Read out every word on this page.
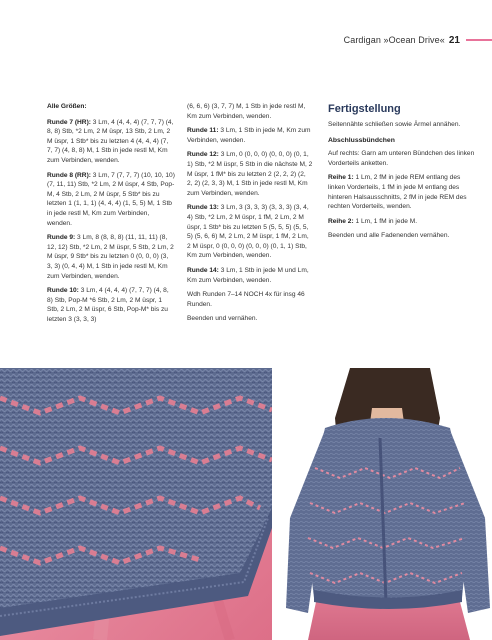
Cardigan »Ocean Drive« 21

Alle Größen:

Runde 7 (HR): 3 Lm, 4 (4, 4, 4) (7, 7, 7) (4, 8, 8) Stb, *2 Lm, 2 M üspr, 13 Stb, 2 Lm, 2 M üspr, 1 Stb* bis zu letzten 4 (4, 4, 4) (7, 7, 7) (4, 8, 8) M, 1 Stb in jede restl M, Km zum Verbinden, wenden.

Runde 8 (RR): 3 Lm, 7 (7, 7, 7) (10, 10, 10) (7, 11, 11) Stb, *2 Lm, 2 M üspr, 4 Stb, Pop-M, 4 Stb, 2 Lm, 2 M üspr, 5 Stb* bis zu letzten 1 (1, 1, 1) (4, 4, 4) (1, 5, 5) M, 1 Stb in jede restl M, Km zum Verbinden, wenden.

Runde 9: 3 Lm, 8 (8, 8, 8) (11, 11, 11) (8, 12, 12) Stb, *2 Lm, 2 M üspr, 5 Stb, 2 Lm, 2 M üspr, 9 Stb* bis zu letzten 0 (0, 0, 0) (3, 3, 3) (0, 4, 4) M, 1 Stb in jede restl M, Km zum Verbinden, wenden.

Runde 10: 3 Lm, 4 (4, 4, 4) (7, 7, 7) (4, 8, 8) Stb, Pop-M *6 Stb, 2 Lm, 2 M üspr, 1 Stb, 2 Lm, 2 M üspr, 6 Stb, Pop-M* bis zu letzten 3 (3, 3, 3)

(6, 6, 6) (3, 7, 7) M, 1 Stb in jede restl M, Km zum Verbinden, wenden.

Runde 11: 3 Lm, 1 Stb in jede M, Km zum Verbinden, wenden.

Runde 12: 3 Lm, 0 (0, 0, 0) (0, 0, 0) (0, 1, 1) Stb, *2 M üspr, 5 Stb in die nächste M, 2 M üspr, 1 fM* bis zu letzten 2 (2, 2, 2) (2, 2, 2) (2, 3, 3) M, 1 Stb in jede restl M, Km zum Verbinden, wenden.

Runde 13: 3 Lm, 3 (3, 3, 3) (3, 3, 3) (3, 4, 4) Stb, *2 Lm, 2 M üspr, 1 fM, 2 Lm, 2 M üspr, 1 Stb* bis zu letzten 5 (5, 5, 5) (5, 5, 5) (5, 6, 6) M, 2 Lm, 2 M üspr, 1 fM, 2 Lm, 2 M üspr, 0 (0, 0, 0) (0, 0, 0) (0, 1, 1) Stb, Km zum Verbinden, wenden.

Runde 14: 3 Lm, 1 Stb in jede M und Lm, Km zum Verbinden, wenden.

Wdh Runden 7–14 NOCH 4x für insg 46 Runden.

Beenden und vernähen.

Fertigstellung

Seitennähte schließen sowie Ärmel annähen.

Abschlussbündchen

Auf rechts: Garn am unteren Bündchen des linken Vorderteils anketten.

Reihe 1: 1 Lm, 2 fM in jede REM entlang des linken Vorderteils, 1 fM in jede M entlang des hinteren Halsausschnitts, 2 fM in jede REM des rechten Vorderteils, wenden.

Reihe 2: 1 Lm, 1 fM in jede M.

Beenden und alle Fadenenden vernähen.
